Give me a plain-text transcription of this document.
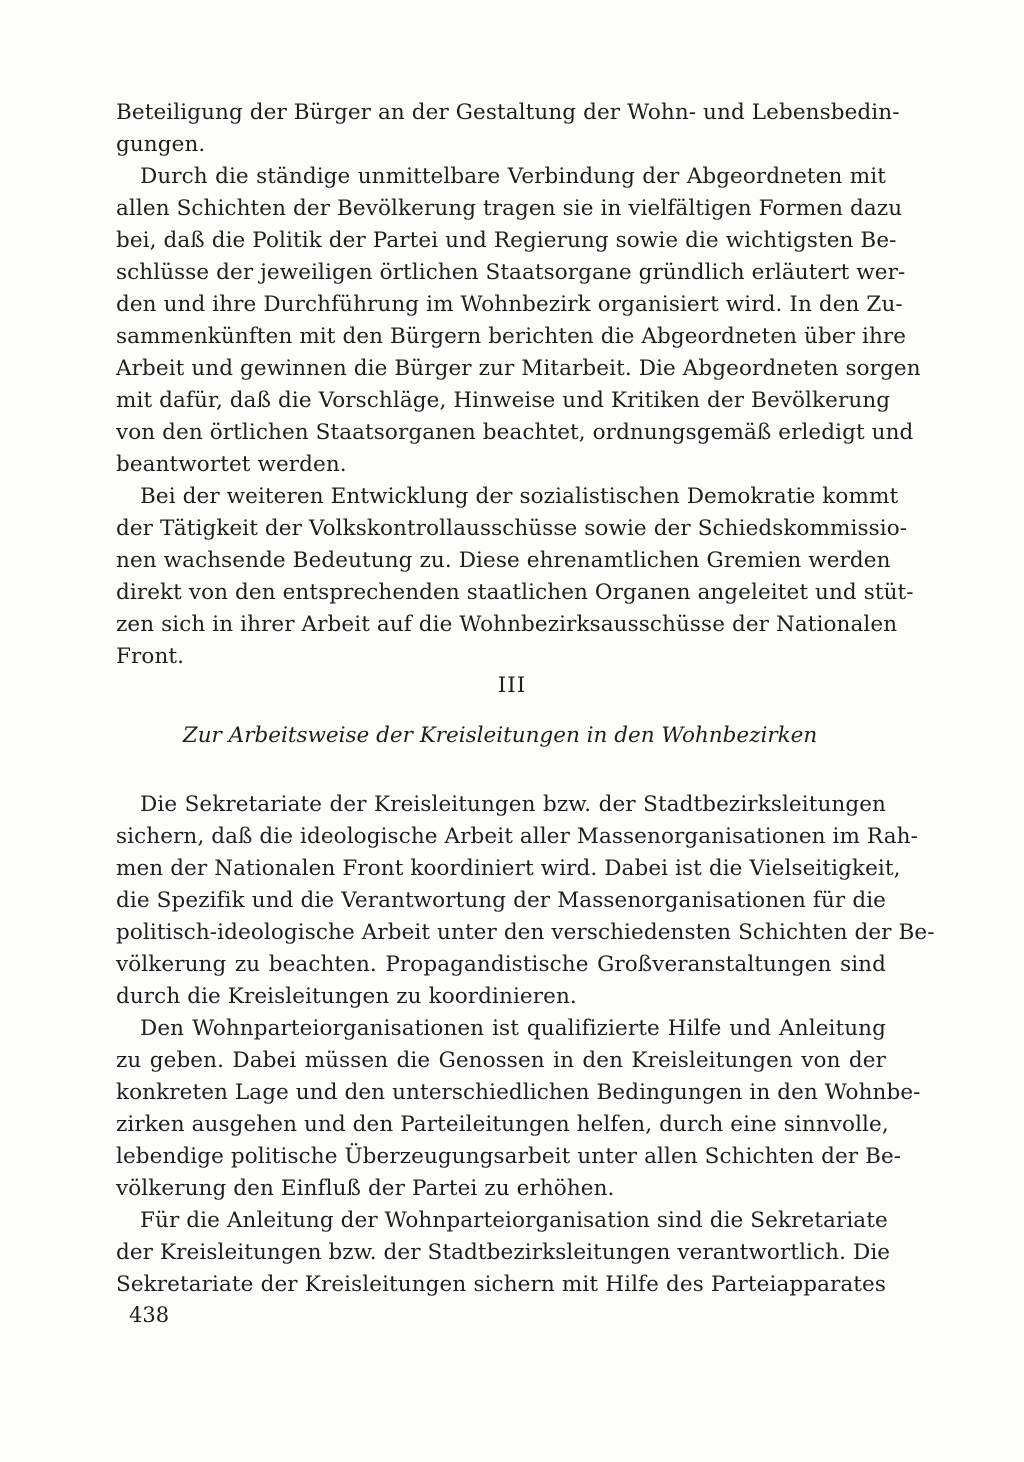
Beteiligung der Bürger an der Gestaltung der Wohn- und Lebensbedin-
gungen.
Durch die ständige unmittelbare Verbindung der Abgeordneten mit
allen Schichten der Bevölkerung tragen sie in vielfältigen Formen dazu
bei, daß die Politik der Partei und Regierung sowie die wichtigsten Be-
schlüsse der jeweiligen örtlichen Staatsorgane gründlich erläutert wer-
den und ihre Durchführung im Wohnbezirk organisiert wird. In den Zu-
sammenkünften mit den Bürgern berichten die Abgeordneten über ihre
Arbeit und gewinnen die Bürger zur Mitarbeit. Die Abgeordneten sorgen
mit dafür, daß die Vorschläge, Hinweise und Kritiken der Bevölkerung
von den örtlichen Staatsorganen beachtet, ordnungsgemäß erledigt und
beantwortet werden.
Bei der weiteren Entwicklung der sozialistischen Demokratie kommt
der Tätigkeit der Volkskontrollausschüsse sowie der Schiedskommissio-
nen wachsende Bedeutung zu. Diese ehrenamtlichen Gremien werden
direkt von den entsprechenden staatlichen Organen angeleitet und stüt-
zen sich in ihrer Arbeit auf die Wohnbezirksausschüsse der Nationalen
Front.
III
Zur Arbeitsweise der Kreisleitungen in den Wohnbezirken
Die Sekretariate der Kreisleitungen bzw. der Stadtbezirksleitungen
sichern, daß die ideologische Arbeit aller Massenorganisationen im Rah-
men der Nationalen Front koordiniert wird. Dabei ist die Vielseitigkeit,
die Spezifik und die Verantwortung der Massenorganisationen für die
politisch-ideologische Arbeit unter den verschiedensten Schichten der Be-
völkerung zu beachten. Propagandistische Großveranstaltungen sind
durch die Kreisleitungen zu koordinieren.
Den Wohnparteiorganisationen ist qualifizierte Hilfe und Anleitung
zu geben. Dabei müssen die Genossen in den Kreisleitungen von der
konkreten Lage und den unterschiedlichen Bedingungen in den Wohnbe-
zirken ausgehen und den Parteileitungen helfen, durch eine sinnvolle,
lebendige politische Überzeugungsarbeit unter allen Schichten der Be-
völkerung den Einfluß der Partei zu erhöhen.
Für die Anleitung der Wohnparteiorganisation sind die Sekretariate
der Kreisleitungen bzw. der Stadtbezirksleitungen verantwortlich. Die
Sekretariate der Kreisleitungen sichern mit Hilfe des Parteiapparates
438
